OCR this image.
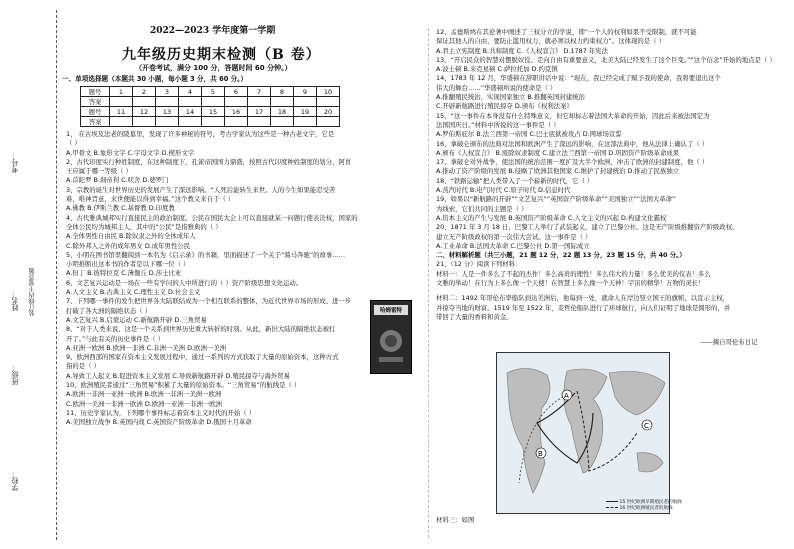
考号：
姓名： 装订线内不要答题
班级：
学校：
2022—2023 学年度第一学期
九年级历史期末检测（B 卷）
（开卷考试，满分 100 分，答题时间 60 分钟。）
一、单项选择题（本题共 30 小题，每小题 3 分，共 60 分。）
题号	1	2	3	4	5	6	7	8	9	10
答案										
题号	11	12	13	14	15	16	17	18	19	20
答案										
1、 在古埃及法老的陵墓里，发现了许多神秘的符号，考古学家认为这些是一种古老文字，它是
（ ）
A.甲骨文 B.象形文字 C.字母文字 D.楔形文字
2、古代印度实行种姓制度，在这种制度下，孔雀帝国国力鼎盛，按照古代印度种姓制度的划分，阿育
王应属于哪一等级（ ）
A.首陀罗 B.刹帝利 C.吠舍 D.婆罗门
3、宗教的诞生对世界历史的发展产生了深远影响。“人死后能转生来世。人的今生如果能忍受苦
难，唯神旨意，来世便能以得到幸福。”这个教义来自于（ ）
A.佛教 B.伊斯兰教 C.基督教 D.印度教
4、古代雅典城邦实行直接民主的政治制度。公民在国民大会上可以直接就某一问题行使表决权，国家的
全体公民均为城邦主人，其中的“公民”是指雅典的（ ）
A.全体男性自由民 B.除奴隶之外的全体成年人
C.除外邦人之外的成年男女 D.成年男性公民
5、小明在图书馆里翻阅到一本名为《启示录》的书籍，里面描述了一个关于“骑马奔驰”的故事……
小明推断出这本书的作者是以下哪一位（ ）
A.但丁 B.彼特拉克 C.薄伽丘 D.莎士比亚
6、文艺复兴运动是一场在一些有学问的人中所进行的（ ）资产阶级思想文化运动。
A.人文主义 B.古典主义 C.理性主义 D.社会主义
7、下列哪一事件的发生把世界各大陆联结成为一个相互联系的整体，为近代世界市场的形成、进一步
打破了各大洲的隔绝状态（ ）
A.文艺复兴 B.启蒙运动 C.新航路开辟 D.三角贸易
8、“对于人类来说，这是一个关系到世界历史重大转折的时刻。从此，新旧大陆的隔绝状态被打
开了。”与此有关的历史事件是（ ）
A.亚洲一欧洲 B.欧洲一非洲 C.非洲一美洲 D.欧洲一美洲
9、欧洲西部的国家在资本主义发展过程中，通过一系列的方式获取了大量的原始资本，这种方式
指的是（ ）
A.导致工人起义 B.促进资本主义发展 C.导致新航路开辟 D.殖民掠夺与海外贸易
10、欧洲殖民者通过“三角贸易”积累了大量的原始资本。“三角贸易”的航线是（ ）
A.欧洲一非洲一亚洲一欧洲 B.欧洲一非洲一美洲一欧洲
C.欧洲一美洲一非洲一欧洲 D.欧洲一亚洲一非洲一欧洲
11、历史学家认为，下列哪个事件标志着资本主义时代的开始（ ）
A.美国独立战争 B.英国内战 C.英国资产阶级革命 D.俄国十月革命
哈姆雷特
12、孟德斯鸠在其论著中阐述了三权分立的学说，即“一个人的权利如果不受限制，就不可能
保证其他人的自由，要防止滥用权力，就必须以权力约束权力”。这体现的是（ ）
A.君主立宪制度 B.共和制度 C.《人权宣言》 D.1787 年宪法
13、“开启民众的智慧对摆脱奴役、走向自由有重要意义，北美大陆已经发生了这个巨变。”“这个信念”开始的地点是（ ）
A.波士顿 B.来克星顿 C.萨拉托加 D.约克镇
14、1783 年 12 月，华盛顿在辞职讲话中说：“现在，我已经完成了赋予我的使命，我将要退出这个
伟大的舞台……”华盛顿所说的使命是（ ）
A.推翻殖民统治，实现国家独立 B.推翻英国封建统治
C.开辟新航路进行殖民掠夺 D.颁布《权利法案》
15、“这一事件在本身没有什么特殊意义，但它却标志着法国大革命的开始，因此后来被法国定为
法国国庆日。”材料中所说的这一事件是（ ）
A.罗伯斯庇尔 B.法兰西第一帝国 C.巴士底狱被攻占 D.网球场宣誓
16、拿破仑颁布的法典对法国和欧洲产生了深远的影响，在这部法典中，他从法律上确认了（ ）
A.颁布《人权宣言》 B.废除奴隶制度 C.建立法兰西第一帝国 D.巩固资产阶级革命成果
17、拿破仑对外战争，使法国的统治范围一度扩及大半个欧洲，冲击了欧洲的封建制度，他（ ）
A.推动了资产阶级的发展 B.侵略了欧洲其他国家 C.维护了封建统治 D.推动了民族独立
18、“铁路运输”把人类带入了一个崭新的时代，它（ ）
A.蒸汽时代 B.电气时代 C.原子时代 D.信息时代
19、如果以“新航路的开辟”“文艺复兴”“英国资产阶级革命”“美国独立”“法国大革命”
为线索，它们共同的主题是（ ）
A.资本主义的产生与发展 B.英国资产阶级革命 C.人文主义的兴起 D.构建文化霸权
20、1871 年 3 月 18 日，巴黎工人举行了武装起义，建立了巴黎公社。这是无产阶级推翻资产阶级政权、
建立无产阶级政权的第一次伟大尝试。这一事件是（ ）
A.工业革命 B.法国大革命 C.巴黎公社 D.第一国际成立
二、材料解析题（共三小题，21 题 12 分，22 题 13 分，23 题 15 分，共 40 分。）
21、（12 分）阅读下列材料：
材料一：人是一件多么了不起的杰作！多么高贵的理性！多么伟大的力量！多么优美的仪表！多么
文雅的举动！在行为上多么像一个天使！在智慧上多么像一个天神！宇宙的精华！万物的灵长！
材料二：1492 年哥伦布率船队到达美洲后，他每到一处，就命人在岸边竖立国王的旗帜，以宣示主权，
并掠夺当地的财富。1519 年至 1522 年，麦哲伦船队进行了环球航行，向人们证明了地球是圆形的，并
带回了大量的香料和黄金。
——摘自哥伦布日记
B
A
C
15 世纪欧洲早期殖民者的航线
16 世纪欧洲殖民者的航线
材料三：如图
